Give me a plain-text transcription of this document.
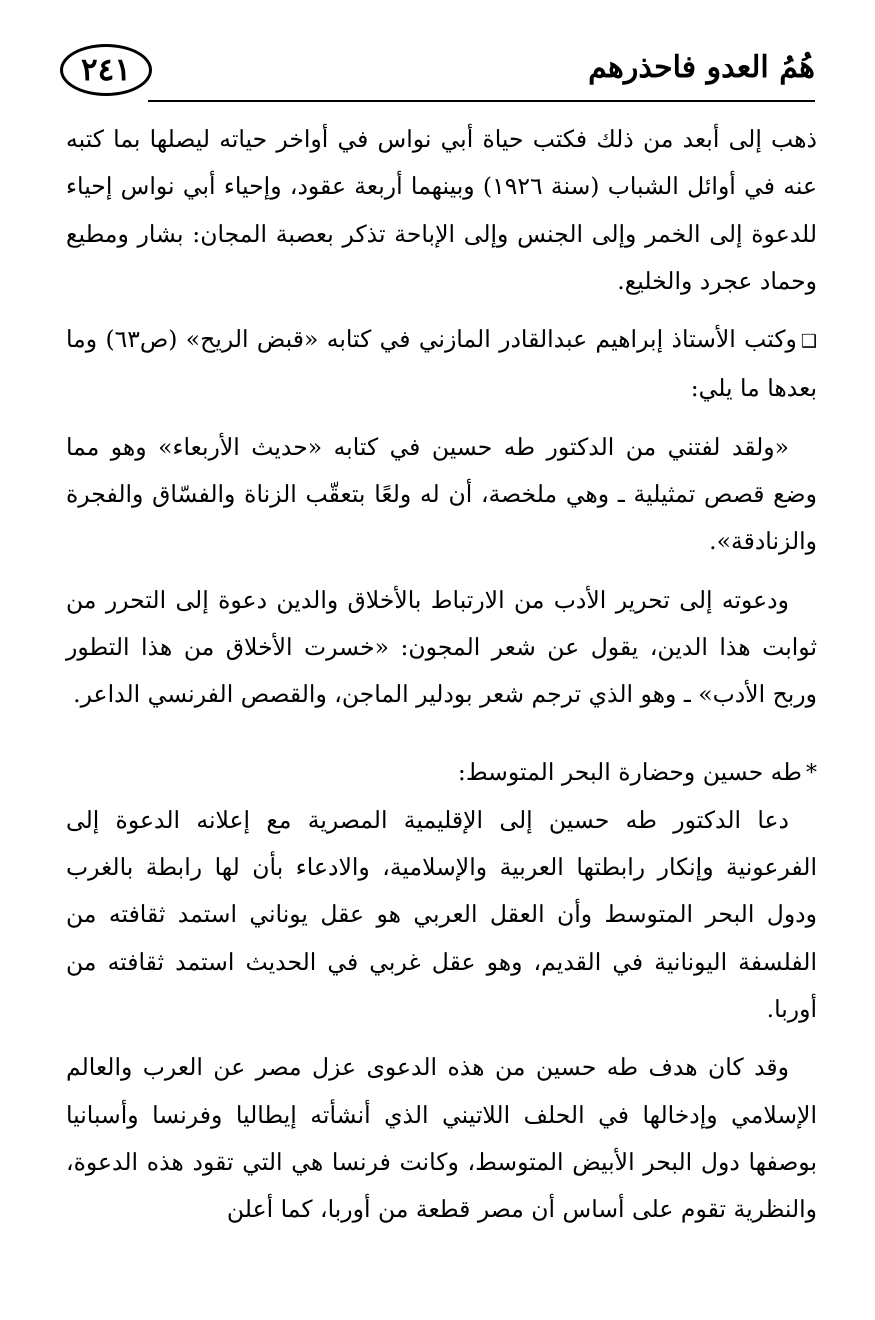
٢٤١	هُمُ العدو فاحذرهم

ذهب إلى أبعد من ذلك فكتب حياة أبي نواس في أواخر حياته ليصلها بما كتبه عنه في أوائل الشباب (سنة ١٩٢٦) وبينهما أربعة عقود، وإحياء أبي نواس إحياء للدعوة إلى الخمر وإلى الجنس وإلى الإباحة تذكر بعصبة المجان: بشار ومطيع وحماد عجرد والخليع.

❑وكتب الأستاذ إبراهيم عبدالقادر المازني في كتابه «قبض الريح» (ص٦٣) وما بعدها ما يلي:

«ولقد لفتني من الدكتور طه حسين في كتابه «حديث الأربعاء» وهو مما وضع قصص تمثيلية ـ وهي ملخصة، أن له ولعًا بتعقّب الزناة والفسّاق والفجرة والزنادقة».

ودعوته إلى تحرير الأدب من الارتباط بالأخلاق والدين دعوة إلى التحرر من ثوابت هذا الدين، يقول عن شعر المجون: «خسرت الأخلاق من هذا التطور وربح الأدب» ـ وهو الذي ترجم شعر بودلير الماجن، والقصص الفرنسي الداعر.

*طه حسين وحضارة البحر المتوسط:

دعا الدكتور طه حسين إلى الإقليمية المصرية مع إعلانه الدعوة إلى الفرعونية وإنكار رابطتها العربية والإسلامية، والادعاء بأن لها رابطة بالغرب ودول البحر المتوسط وأن العقل العربي هو عقل يوناني استمد ثقافته من الفلسفة اليونانية في القديم، وهو عقل غربي في الحديث استمد ثقافته من أوربا.

وقد كان هدف طه حسين من هذه الدعوى عزل مصر عن العرب والعالم الإسلامي وإدخالها في الحلف اللاتيني الذي أنشأته إيطاليا وفرنسا وأسبانيا بوصفها دول البحر الأبيض المتوسط، وكانت فرنسا هي التي تقود هذه الدعوة، والنظرية تقوم على أساس أن مصر قطعة من أوربا، كما أعلن
